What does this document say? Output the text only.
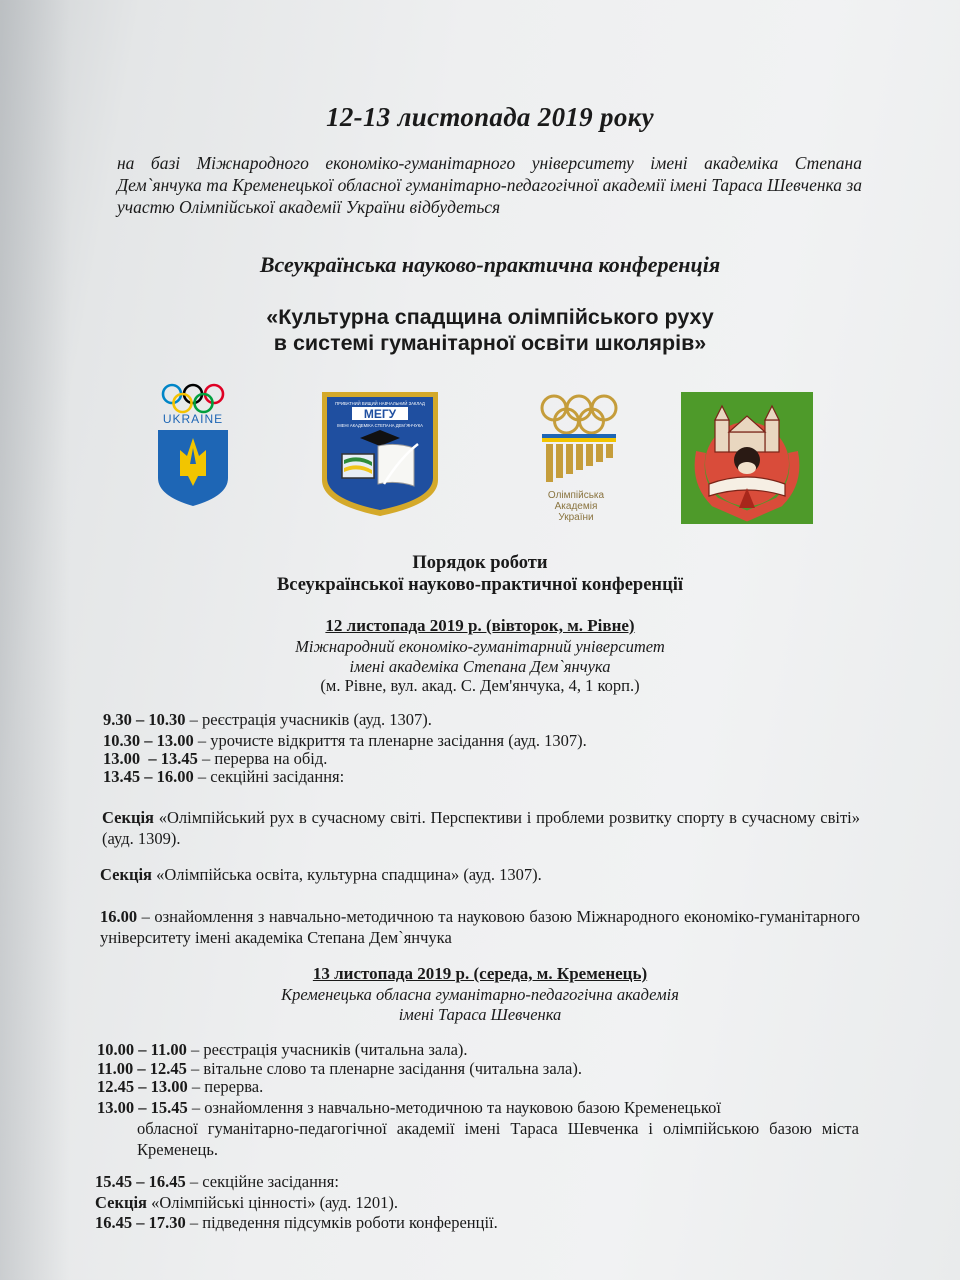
12-13 листопада 2019 року
на базі Міжнародного економіко-гуманітарного університету імені академіка Степана Дем`янчука та Кременецької обласної гуманітарно-педагогічної академії імені Тараса Шевченка за участю Олімпійської академії України відбудеться
Всеукраїнська науково-практична конференція
«Культурна спадщина олімпійського руху
в системі гуманітарної освіти школярів»
UKRAINE
ПРИВАТНИЙ ВИЩИЙ НАВЧАЛЬНИЙ ЗАКЛАД
МЕГУ
ІМЕНІ АКАДЕМІКА СТЕПАНА ДЕМ`ЯНЧУКА
Олімпійська
Академія
України
Порядок роботи
Всеукраїнської науково-практичної конференції
12 листопада 2019 р. (вівторок, м. Рівне)
Міжнародний економіко-гуманітарний університет
імені академіка Степана Дем`янчука
(м. Рівне, вул. акад. С. Дем'янчука, 4, 1 корп.)
9.30 – 10.30 – реєстрація учасників (ауд. 1307).
10.30 – 13.00 – урочисте відкриття та пленарне засідання (ауд. 1307).
13.00  – 13.45 – перерва на обід.
13.45 – 16.00 – секційні засідання:
Секція «Олімпійський рух в сучасному світі. Перспективи і проблеми розвитку спорту в сучасному світі» (ауд. 1309).
Секція «Олімпійська освіта, культурна спадщина» (ауд. 1307).
16.00 – ознайомлення з навчально-методичною та науковою базою Міжнародного економіко-гуманітарного університету імені академіка Степана Дем`янчука
13 листопада 2019 р. (середа, м. Кременець)
Кременецька обласна гуманітарно-педагогічна академія
імені Тараса Шевченка
10.00 – 11.00 – реєстрація учасників (читальна зала).
11.00 – 12.45 – вітальне слово та пленарне засідання (читальна зала).
12.45 – 13.00 – перерва.
13.00 – 15.45 – ознайомлення з навчально-методичною та науковою базою Кременецької
обласної гуманітарно-педагогічної академії імені Тараса Шевченка і олімпійською базою міста Кременець.
15.45 – 16.45 – секційне засідання:
Секція «Олімпійські цінності» (ауд. 1201).
16.45 – 17.30 – підведення підсумків роботи конференції.
